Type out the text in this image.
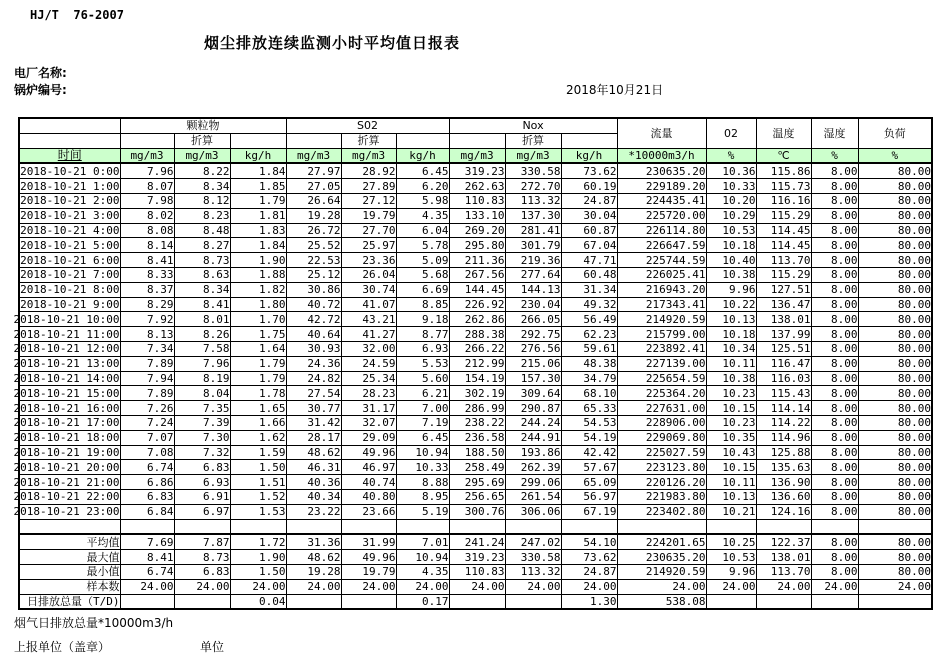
HJ/T  76-2007
烟尘排放连续监测小时平均值日报表
电厂名称:
锅炉编号:	2018年10月21日
	颗粒物			S02			Nox			流量	02	温度	湿度	负荷
		折算			折算			折算						
时间	mg/m3	mg/m3	kg/h	mg/m3	mg/m3	kg/h	mg/m3	mg/m3	kg/h	*10000m3/h	%	℃	%	%

2018-10-21 0:00	7.96	8.22	1.84	27.97	28.92	6.45	319.23	330.58	73.62	230635.20	10.36	115.86	8.00	80.00

2018-10-21 1:00	8.07	8.34	1.85	27.05	27.89	6.20	262.63	272.70	60.19	229189.20	10.33	115.73	8.00	80.00

2018-10-21 2:00	7.98	8.12	1.79	26.64	27.12	5.98	110.83	113.32	24.87	224435.41	10.20	116.16	8.00	80.00

2018-10-21 3:00	8.02	8.23	1.81	19.28	19.79	4.35	133.10	137.30	30.04	225720.00	10.29	115.29	8.00	80.00

2018-10-21 4:00	8.08	8.48	1.83	26.72	27.70	6.04	269.20	281.41	60.87	226114.80	10.53	114.45	8.00	80.00

2018-10-21 5:00	8.14	8.27	1.84	25.52	25.97	5.78	295.80	301.79	67.04	226647.59	10.18	114.45	8.00	80.00

2018-10-21 6:00	8.41	8.73	1.90	22.53	23.36	5.09	211.36	219.36	47.71	225744.59	10.40	113.70	8.00	80.00

2018-10-21 7:00	8.33	8.63	1.88	25.12	26.04	5.68	267.56	277.64	60.48	226025.41	10.38	115.29	8.00	80.00

2018-10-21 8:00	8.37	8.34	1.82	30.86	30.74	6.69	144.45	144.13	31.34	216943.20	9.96	127.51	8.00	80.00

2018-10-21 9:00	8.29	8.41	1.80	40.72	41.07	8.85	226.92	230.04	49.32	217343.41	10.22	136.47	8.00	80.00

2018-10-21 10:00	7.92	8.01	1.70	42.72	43.21	9.18	262.86	266.05	56.49	214920.59	10.13	138.01	8.00	80.00

2018-10-21 11:00	8.13	8.26	1.75	40.64	41.27	8.77	288.38	292.75	62.23	215799.00	10.18	137.99	8.00	80.00

2018-10-21 12:00	7.34	7.58	1.64	30.93	32.00	6.93	266.22	276.56	59.61	223892.41	10.34	125.51	8.00	80.00

2018-10-21 13:00	7.89	7.96	1.79	24.36	24.59	5.53	212.99	215.06	48.38	227139.00	10.11	116.47	8.00	80.00

2018-10-21 14:00	7.94	8.19	1.79	24.82	25.34	5.60	154.19	157.30	34.79	225654.59	10.38	116.03	8.00	80.00

2018-10-21 15:00	7.89	8.04	1.78	27.54	28.23	6.21	302.19	309.64	68.10	225364.20	10.23	115.43	8.00	80.00

2018-10-21 16:00	7.26	7.35	1.65	30.77	31.17	7.00	286.99	290.87	65.33	227631.00	10.15	114.14	8.00	80.00

2018-10-21 17:00	7.24	7.39	1.66	31.42	32.07	7.19	238.22	244.24	54.53	228906.00	10.23	114.22	8.00	80.00

2018-10-21 18:00	7.07	7.30	1.62	28.17	29.09	6.45	236.58	244.91	54.19	229069.80	10.35	114.96	8.00	80.00

2018-10-21 19:00	7.08	7.32	1.59	48.62	49.96	10.94	188.50	193.86	42.42	225027.59	10.43	125.88	8.00	80.00

2018-10-21 20:00	6.74	6.83	1.50	46.31	46.97	10.33	258.49	262.39	57.67	223123.80	10.15	135.63	8.00	80.00

2018-10-21 21:00	6.86	6.93	1.51	40.36	40.74	8.88	295.69	299.06	65.09	220126.20	10.11	136.90	8.00	80.00

2018-10-21 22:00	6.83	6.91	1.52	40.34	40.80	8.95	256.65	261.54	56.97	221983.80	10.13	136.60	8.00	80.00

2018-10-21 23:00	6.84	6.97	1.53	23.22	23.66	5.19	300.76	306.06	67.19	223402.80	10.21	124.16	8.00	80.00

平均值	7.69	7.87	1.72	31.36	31.99	7.01	241.24	247.02	54.10	224201.65	10.25	122.37	8.00	80.00

最大值	8.41	8.73	1.90	48.62	49.96	10.94	319.23	330.58	73.62	230635.20	10.53	138.01	8.00	80.00

最小值	6.74	6.83	1.50	19.28	19.79	4.35	110.83	113.32	24.87	214920.59	9.96	113.70	8.00	80.00

样本数	24.00	24.00	24.00	24.00	24.00	24.00	24.00	24.00	24.00	24.00	24.00	24.00	24.00	24.00

日排放总量（T/D)			0.04			0.17			1.30	538.08				
烟气日排放总量*10000m3/h
上报单位（盖章）	单位
